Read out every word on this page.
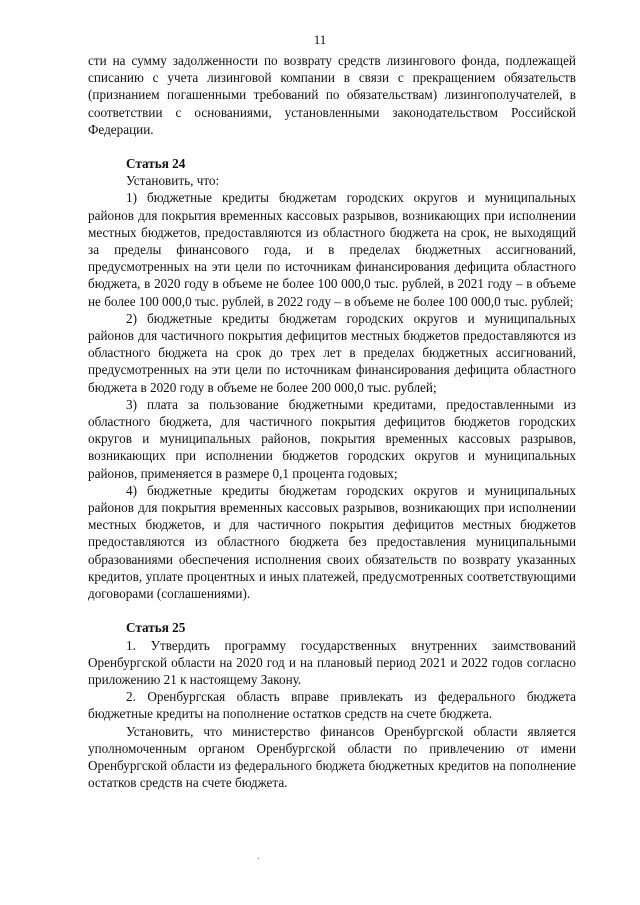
11

сти на сумму задолженности по возврату средств лизингового фонда, подлежащей списанию с учета лизинговой компании в связи с прекращением обязательств (признанием погашенными требований по обязательствам) лизингополучателей, в соответствии с основаниями, установленными законодательством Российской Федерации.

Статья 24

Установить, что:

1) бюджетные кредиты бюджетам городских округов и муниципальных районов для покрытия временных кассовых разрывов, возникающих при исполнении местных бюджетов, предоставляются из областного бюджета на срок, не выходящий за пределы финансового года, и в пределах бюджетных ассигнований, предусмотренных на эти цели по источникам финансирования дефицита областного бюджета, в 2020 году в объеме не более 100 000,0 тыс. рублей, в 2021 году – в объеме не более 100 000,0 тыс. рублей, в 2022 году – в объеме не более 100 000,0 тыс. рублей;

2) бюджетные кредиты бюджетам городских округов и муниципальных районов для частичного покрытия дефицитов местных бюджетов предоставляются из областного бюджета на срок до трех лет в пределах бюджетных ассигнований, предусмотренных на эти цели по источникам финансирования дефицита областного бюджета в 2020 году в объеме не более 200 000,0 тыс. рублей;

3) плата за пользование бюджетными кредитами, предоставленными из областного бюджета, для частичного покрытия дефицитов бюджетов городских округов и муниципальных районов, покрытия временных кассовых разрывов, возникающих при исполнении бюджетов городских округов и муниципальных районов, применяется в размере 0,1 процента годовых;

4) бюджетные кредиты бюджетам городских округов и муниципальных районов для покрытия временных кассовых разрывов, возникающих при исполнении местных бюджетов, и для частичного покрытия дефицитов местных бюджетов предоставляются из областного бюджета без предоставления муниципальными образованиями обеспечения исполнения своих обязательств по возврату указанных кредитов, уплате процентных и иных платежей, предусмотренных соответствующими договорами (соглашениями).

Статья 25

1. Утвердить программу государственных внутренних заимствований Оренбургской области на 2020 год и на плановый период 2021 и 2022 годов согласно приложению 21 к настоящему Закону.

2. Оренбургская область вправе привлекать из федерального бюджета бюджетные кредиты на пополнение остатков средств на счете бюджета.

Установить, что министерство финансов Оренбургской области является уполномоченным органом Оренбургской области по привлечению от имени Оренбургской области из федерального бюджета бюджетных кредитов на пополнение остатков средств на счете бюджета.

.
